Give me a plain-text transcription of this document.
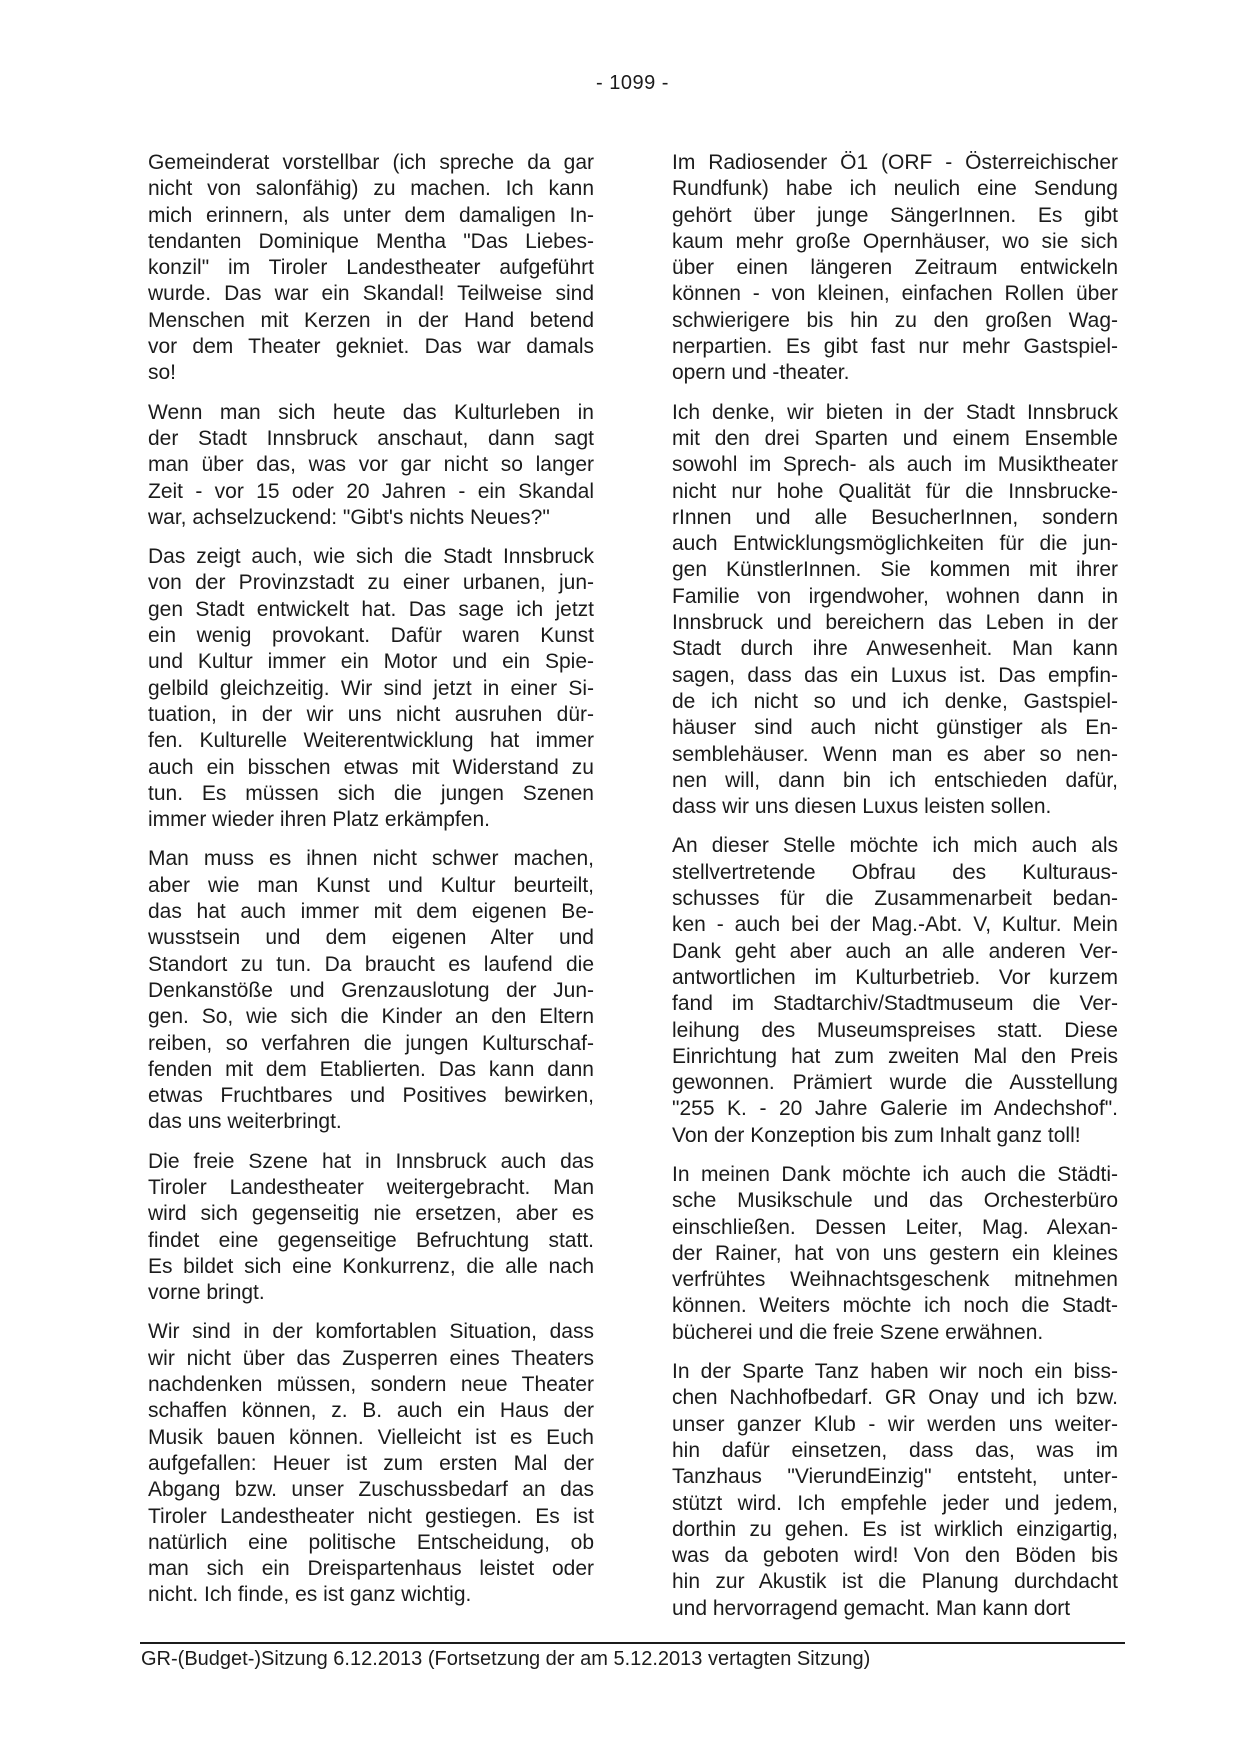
- 1099 -
Gemeinderat vorstellbar (ich spreche da gar
nicht von salonfähig) zu machen. Ich kann
mich erinnern, als unter dem damaligen In-
tendanten Dominique Mentha "Das Liebes-
konzil" im Tiroler Landestheater aufgeführt
wurde. Das war ein Skandal! Teilweise sind
Menschen mit Kerzen in der Hand betend
vor dem Theater gekniet. Das war damals
so!
Wenn man sich heute das Kulturleben in
der Stadt Innsbruck anschaut, dann sagt
man über das, was vor gar nicht so langer
Zeit - vor 15 oder 20 Jahren - ein Skandal
war, achselzuckend: "Gibt's nichts Neues?"
Das zeigt auch, wie sich die Stadt Innsbruck
von der Provinzstadt zu einer urbanen, jun-
gen Stadt entwickelt hat. Das sage ich jetzt
ein wenig provokant. Dafür waren Kunst
und Kultur immer ein Motor und ein Spie-
gelbild gleichzeitig. Wir sind jetzt in einer Si-
tuation, in der wir uns nicht ausruhen dür-
fen. Kulturelle Weiterentwicklung hat immer
auch ein bisschen etwas mit Widerstand zu
tun. Es müssen sich die jungen Szenen
immer wieder ihren Platz erkämpfen.
Man muss es ihnen nicht schwer machen,
aber wie man Kunst und Kultur beurteilt,
das hat auch immer mit dem eigenen Be-
wusstsein und dem eigenen Alter und
Standort zu tun. Da braucht es laufend die
Denkanstöße und Grenzauslotung der Jun-
gen. So, wie sich die Kinder an den Eltern
reiben, so verfahren die jungen Kulturschaf-
fenden mit dem Etablierten. Das kann dann
etwas Fruchtbares und Positives bewirken,
das uns weiterbringt.
Die freie Szene hat in Innsbruck auch das
Tiroler Landestheater weitergebracht. Man
wird sich gegenseitig nie ersetzen, aber es
findet eine gegenseitige Befruchtung statt.
Es bildet sich eine Konkurrenz, die alle nach
vorne bringt.
Wir sind in der komfortablen Situation, dass
wir nicht über das Zusperren eines Theaters
nachdenken müssen, sondern neue Theater
schaffen können, z. B. auch ein Haus der
Musik bauen können. Vielleicht ist es Euch
aufgefallen: Heuer ist zum ersten Mal der
Abgang bzw. unser Zuschussbedarf an das
Tiroler Landestheater nicht gestiegen. Es ist
natürlich eine politische Entscheidung, ob
man sich ein Dreispartenhaus leistet oder
nicht. Ich finde, es ist ganz wichtig.
Im Radiosender Ö1 (ORF - Österreichischer
Rundfunk) habe ich neulich eine Sendung
gehört über junge SängerInnen. Es gibt
kaum mehr große Opernhäuser, wo sie sich
über einen längeren Zeitraum entwickeln
können - von kleinen, einfachen Rollen über
schwierigere bis hin zu den großen Wag-
nerpartien. Es gibt fast nur mehr Gastspiel-
opern und -theater.
Ich denke, wir bieten in der Stadt Innsbruck
mit den drei Sparten und einem Ensemble
sowohl im Sprech- als auch im Musiktheater
nicht nur hohe Qualität für die Innsbrucke-
rInnen und alle BesucherInnen, sondern
auch Entwicklungsmöglichkeiten für die jun-
gen KünstlerInnen. Sie kommen mit ihrer
Familie von irgendwoher, wohnen dann in
Innsbruck und bereichern das Leben in der
Stadt durch ihre Anwesenheit. Man kann
sagen, dass das ein Luxus ist. Das empfin-
de ich nicht so und ich denke, Gastspiel-
häuser sind auch nicht günstiger als En-
semblehäuser. Wenn man es aber so nen-
nen will, dann bin ich entschieden dafür,
dass wir uns diesen Luxus leisten sollen.
An dieser Stelle möchte ich mich auch als
stellvertretende Obfrau des Kulturaus-
schusses für die Zusammenarbeit bedan-
ken - auch bei der Mag.-Abt. V, Kultur. Mein
Dank geht aber auch an alle anderen Ver-
antwortlichen im Kulturbetrieb. Vor kurzem
fand im Stadtarchiv/Stadtmuseum die Ver-
leihung des Museumspreises statt. Diese
Einrichtung hat zum zweiten Mal den Preis
gewonnen. Prämiert wurde die Ausstellung
"255 K. - 20 Jahre Galerie im Andechshof".
Von der Konzeption bis zum Inhalt ganz toll!
In meinen Dank möchte ich auch die Städti-
sche Musikschule und das Orchesterbüro
einschließen. Dessen Leiter, Mag. Alexan-
der Rainer, hat von uns gestern ein kleines
verfrühtes Weihnachtsgeschenk mitnehmen
können. Weiters möchte ich noch die Stadt-
bücherei und die freie Szene erwähnen.
In der Sparte Tanz haben wir noch ein biss-
chen Nachhofbedarf. GR Onay und ich bzw.
unser ganzer Klub - wir werden uns weiter-
hin dafür einsetzen, dass das, was im
Tanzhaus "VierundEinzig" entsteht, unter-
stützt wird. Ich empfehle jeder und jedem,
dorthin zu gehen. Es ist wirklich einzigartig,
was da geboten wird! Von den Böden bis
hin zur Akustik ist die Planung durchdacht
und hervorragend gemacht. Man kann dort
GR-(Budget-)Sitzung 6.12.2013 (Fortsetzung der am 5.12.2013 vertagten Sitzung)
